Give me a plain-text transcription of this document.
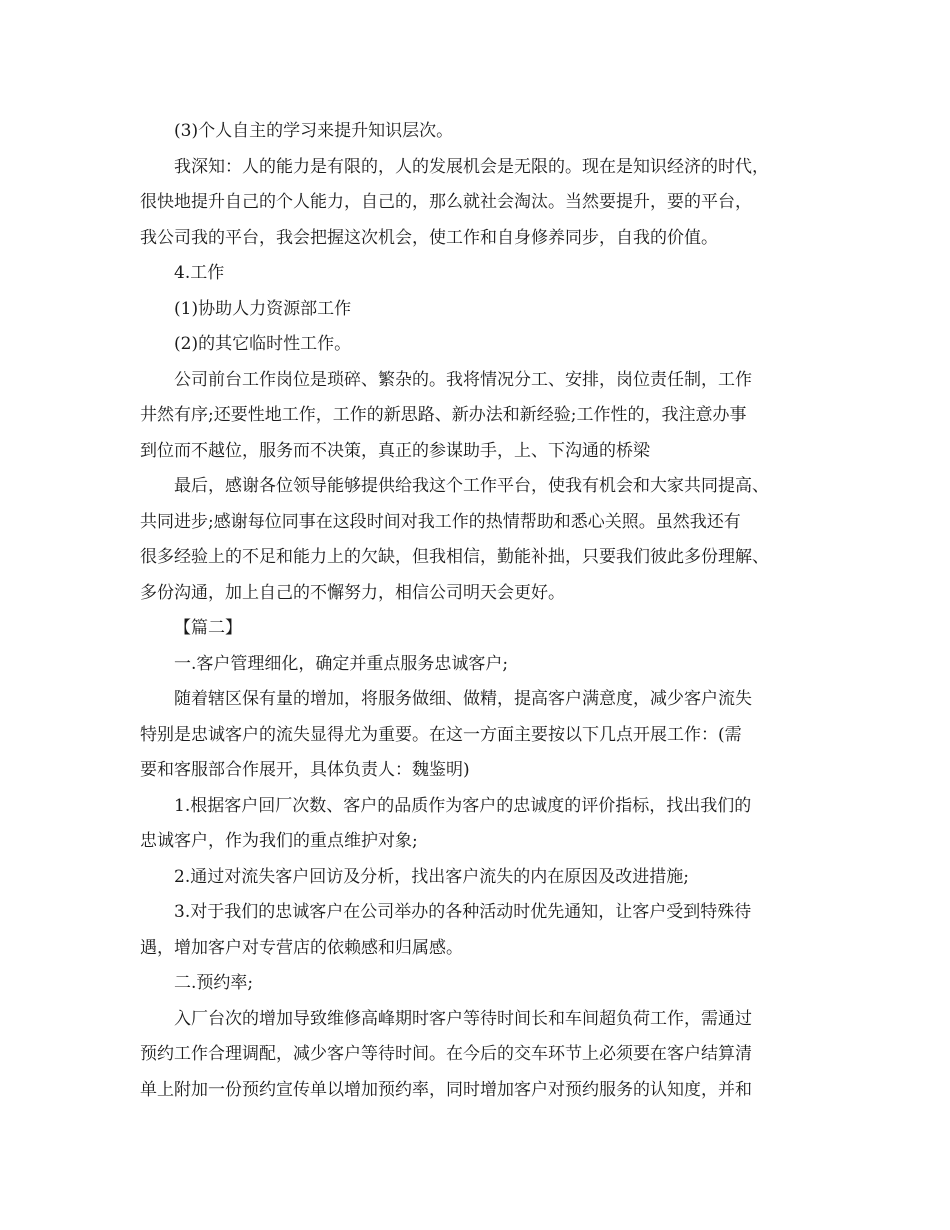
(3)个人自主的学习来提升知识层次。
我深知：人的能力是有限的，人的发展机会是无限的。现在是知识经济的时代，
很快地提升自己的个人能力，自己的，那么就社会淘汰。当然要提升，要的平台，
我公司我的平台，我会把握这次机会，使工作和自身修养同步，自我的价值。
4.工作
(1)协助人力资源部工作
(2)的其它临时性工作。
公司前台工作岗位是琐碎、繁杂的。我将情况分工、安排，岗位责任制，工作
井然有序;还要性地工作，工作的新思路、新办法和新经验;工作性的，我注意办事
到位而不越位，服务而不决策，真正的参谋助手，上、下沟通的桥梁
最后，感谢各位领导能够提供给我这个工作平台，使我有机会和大家共同提高、
共同进步;感谢每位同事在这段时间对我工作的热情帮助和悉心关照。虽然我还有
很多经验上的不足和能力上的欠缺，但我相信，勤能补拙，只要我们彼此多份理解、
多份沟通，加上自己的不懈努力，相信公司明天会更好。
【篇二】
一.客户管理细化，确定并重点服务忠诚客户;
随着辖区保有量的增加，将服务做细、做精，提高客户满意度，减少客户流失
特别是忠诚客户的流失显得尤为重要。在这一方面主要按以下几点开展工作：(需
要和客服部合作展开，具体负责人：魏鉴明)
1.根据客户回厂次数、客户的品质作为客户的忠诚度的评价指标，找出我们的
忠诚客户，作为我们的重点维护对象;
2.通过对流失客户回访及分析，找出客户流失的内在原因及改进措施;
3.对于我们的忠诚客户在公司举办的各种活动时优先通知，让客户受到特殊待
遇，增加客户对专营店的依赖感和归属感。
二.预约率;
入厂台次的增加导致维修高峰期时客户等待时间长和车间超负荷工作，需通过
预约工作合理调配，减少客户等待时间。在今后的交车环节上必须要在客户结算清
单上附加一份预约宣传单以增加预约率，同时增加客户对预约服务的认知度，并和
